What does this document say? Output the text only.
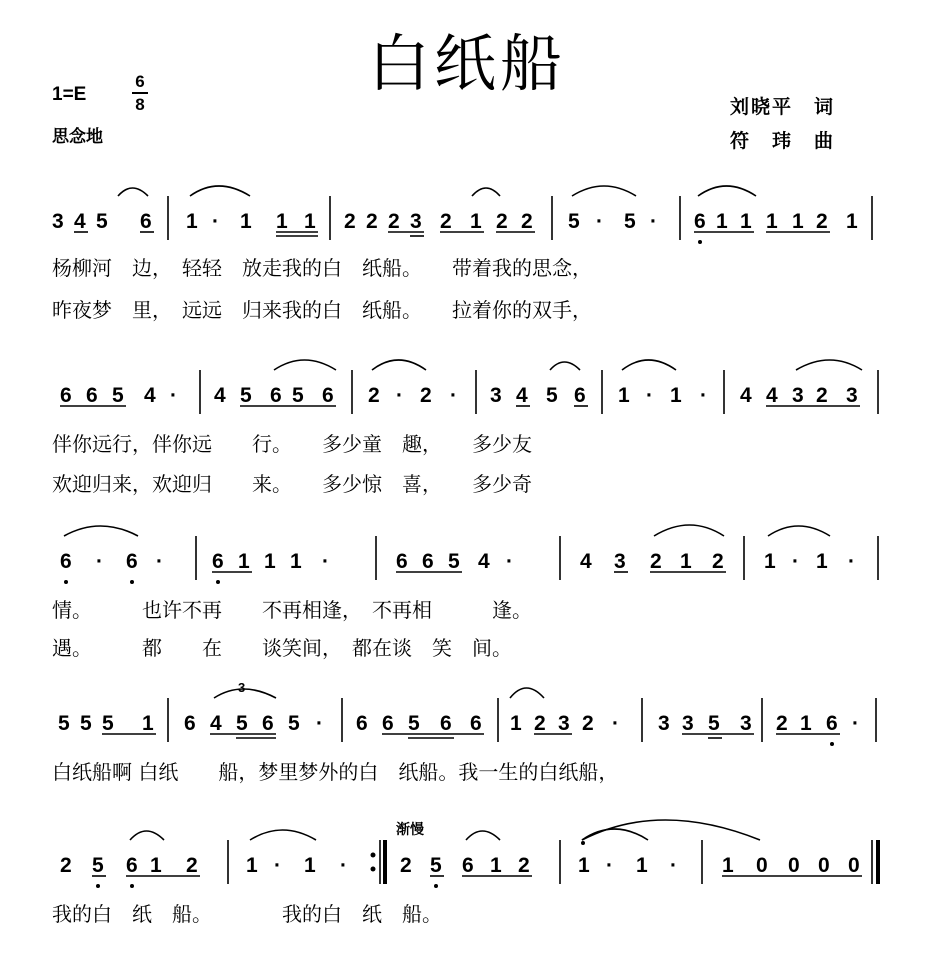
白纸船
1=E
6
8
思念地
刘晓平　词
符　玮　曲
3 4 5 6 1 · 1 1 1 2 2 2 3 2 1 2 2 5 · 5 · 6 1 1 1 1 2 1
6 6 5 4 · 4 5 6 5 6 2 · 2 · 3 4 5 6 1 · 1 · 4 4 3 2 3
6 · 6 · 6 1 1 1 ·	6 6 5 4 ·	4 3 2 1 2 1 · 1 ·
5 5 5 1 6 4 5 6 5 · 6 6 5 6 6 1 2 3 2 · 3 3 5 3 2 1 6 ·
3
渐慢
2 5 6 1 2 1 · 1 ·	2 5 6 1 2 1 · 1 · 1 0 0 0 0
杨柳河　边，　轻轻　放走我的白　纸船。　　带着我的思念，
昨夜梦　里，　远远　归来我的白　纸船。　　拉着你的双手，
伴你远行，伴你远　　行。　　多少童　趣，　　多少友
欢迎归来，欢迎归　　来。　　多少惊　喜，　　多少奇
情。　　　也许不再　　不再相逢，　不再相　　　逢。
遇。　　　都　　在　　谈笑间，　都在谈　笑　间。
白纸船啊 白纸　　船，梦里梦外的白　纸船。我一生的白纸船，
我的白　纸　船。　　　　我的白　纸　船。
